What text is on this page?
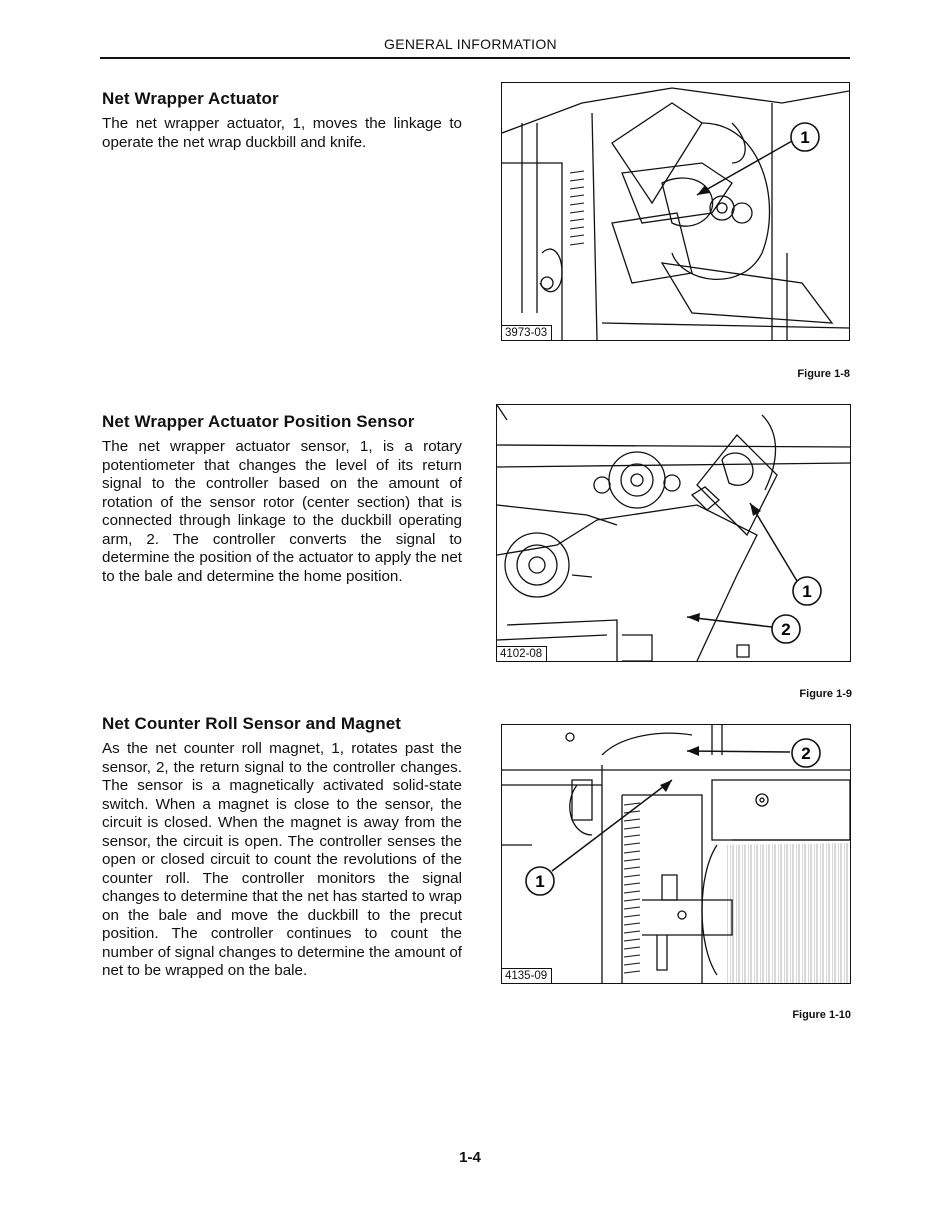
GENERAL INFORMATION
Net Wrapper Actuator

The net wrapper actuator, 1, moves the linkage to operate the net wrap duckbill and knife.	1
3973-03
Figure 1-8
Net Wrapper Actuator Position Sensor

The net wrapper actuator sensor, 1, is a rotary potentiometer that changes the level of its return signal to the controller based on the amount of rotation of the sensor rotor (center section) that is connected through linkage to the duckbill operating arm, 2. The controller converts the signal to determine the position of the actuator to apply the net to the bale and determine the home position.

1
2
4102-08
Figure 1-9
Net Counter Roll Sensor and Magnet

As the net counter roll magnet, 1, rotates past the sensor, 2, the return signal to the controller changes. The sensor is a magnetically activated solid-state switch. When a magnet is close to the sensor, the circuit is closed. When the magnet is away from the sensor, the circuit is open. The controller senses the open or closed circuit to count the revolutions of the counter roll. The controller monitors the signal changes to determine that the net has started to wrap on the bale and move the duckbill to the precut position. The controller continues to count the number of signal changes to determine the amount of net to be wrapped on the bale.

2
1
4135-09
Figure 1-10
1-4
